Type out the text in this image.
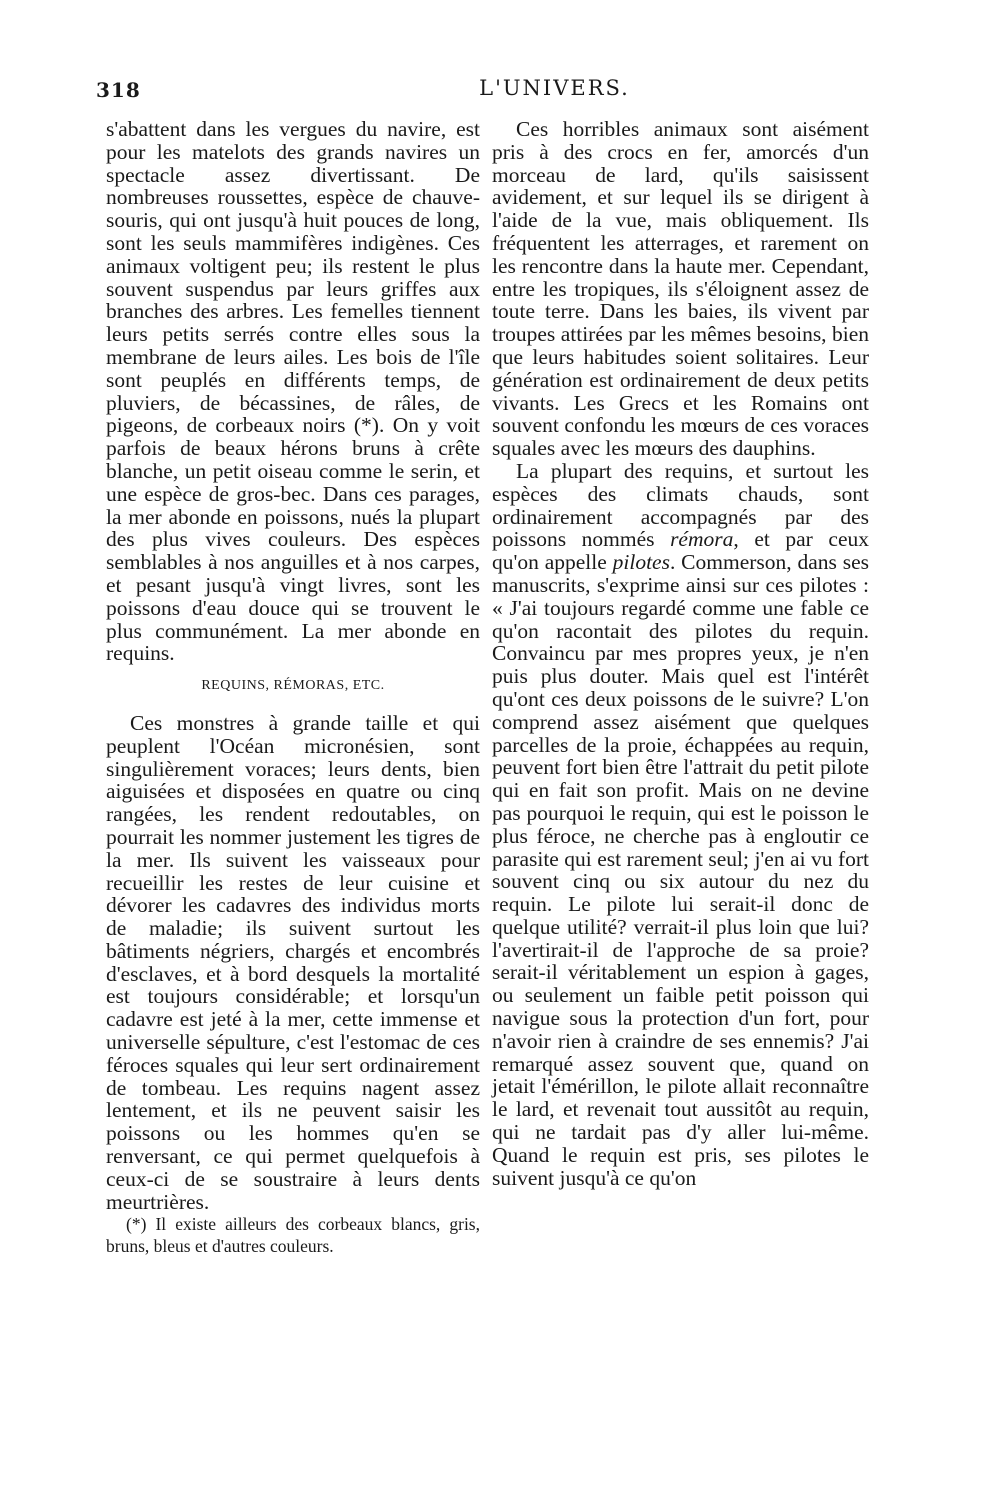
318	L'UNIVERS.

s'abattent dans les vergues du navire, est pour les matelots des grands navires un spectacle assez divertissant. De nombreuses roussettes, espèce de chauve-souris, qui ont jusqu'à huit pouces de long, sont les seuls mammifères indigènes. Ces animaux voltigent peu; ils restent le plus souvent suspendus par leurs griffes aux branches des arbres. Les femelles tiennent leurs petits serrés contre elles sous la membrane de leurs ailes. Les bois de l'île sont peuplés en différents temps, de pluviers, de bécassines, de râles, de pigeons, de corbeaux noirs (*). On y voit parfois de beaux hérons bruns à crête blanche, un petit oiseau comme le serin, et une espèce de gros-bec. Dans ces parages, la mer abonde en poissons, nués la plupart des plus vives couleurs. Des espèces semblables à nos anguilles et à nos carpes, et pesant jusqu'à vingt livres, sont les poissons d'eau douce qui se trouvent le plus communément. La mer abonde en requins.

REQUINS, RÉMORAS, ETC.

Ces monstres à grande taille et qui peuplent l'Océan micronésien, sont singulièrement voraces; leurs dents, bien aiguisées et disposées en quatre ou cinq rangées, les rendent redoutables, on pourrait les nommer justement les tigres de la mer. Ils suivent les vaisseaux pour recueillir les restes de leur cuisine et dévorer les cadavres des individus morts de maladie; ils suivent surtout les bâtiments négriers, chargés et encombrés d'esclaves, et à bord desquels la mortalité est toujours considérable; et lorsqu'un cadavre est jeté à la mer, cette immense et universelle sépulture, c'est l'estomac de ces féroces squales qui leur sert ordinairement de tombeau. Les requins nagent assez lentement, et ils ne peuvent saisir les poissons ou les hommes qu'en se renversant, ce qui permet quelquefois à ceux-ci de se soustraire à leurs dents meurtrières.

(*) Il existe ailleurs des corbeaux blancs, gris, bruns, bleus et d'autres couleurs.

Ces horribles animaux sont aisément pris à des crocs en fer, amorcés d'un morceau de lard, qu'ils saisissent avidement, et sur lequel ils se dirigent à l'aide de la vue, mais obliquement. Ils fréquentent les atterrages, et rarement on les rencontre dans la haute mer. Cependant, entre les tropiques, ils s'éloignent assez de toute terre. Dans les baies, ils vivent par troupes attirées par les mêmes besoins, bien que leurs habitudes soient solitaires. Leur génération est ordinairement de deux petits vivants. Les Grecs et les Romains ont souvent confondu les mœurs de ces voraces squales avec les mœurs des dauphins.

La plupart des requins, et surtout les espèces des climats chauds, sont ordinairement accompagnés par des poissons nommés rémora, et par ceux qu'on appelle pilotes. Commerson, dans ses manuscrits, s'exprime ainsi sur ces pilotes : « J'ai toujours regardé comme une fable ce qu'on racontait des pilotes du requin. Convaincu par mes propres yeux, je n'en puis plus douter. Mais quel est l'intérêt qu'ont ces deux poissons de le suivre? L'on comprend assez aisément que quelques parcelles de la proie, échappées au requin, peuvent fort bien être l'attrait du petit pilote qui en fait son profit. Mais on ne devine pas pourquoi le requin, qui est le poisson le plus féroce, ne cherche pas à engloutir ce parasite qui est rarement seul; j'en ai vu fort souvent cinq ou six autour du nez du requin. Le pilote lui serait-il donc de quelque utilité? verrait-il plus loin que lui? l'avertirait-il de l'approche de sa proie? serait-il véritablement un espion à gages, ou seulement un faible petit poisson qui navigue sous la protection d'un fort, pour n'avoir rien à craindre de ses ennemis? J'ai remarqué assez souvent que, quand on jetait l'émérillon, le pilote allait reconnaître le lard, et revenait tout aussitôt au requin, qui ne tardait pas d'y aller lui-même. Quand le requin est pris, ses pilotes le suivent jusqu'à ce qu'on
